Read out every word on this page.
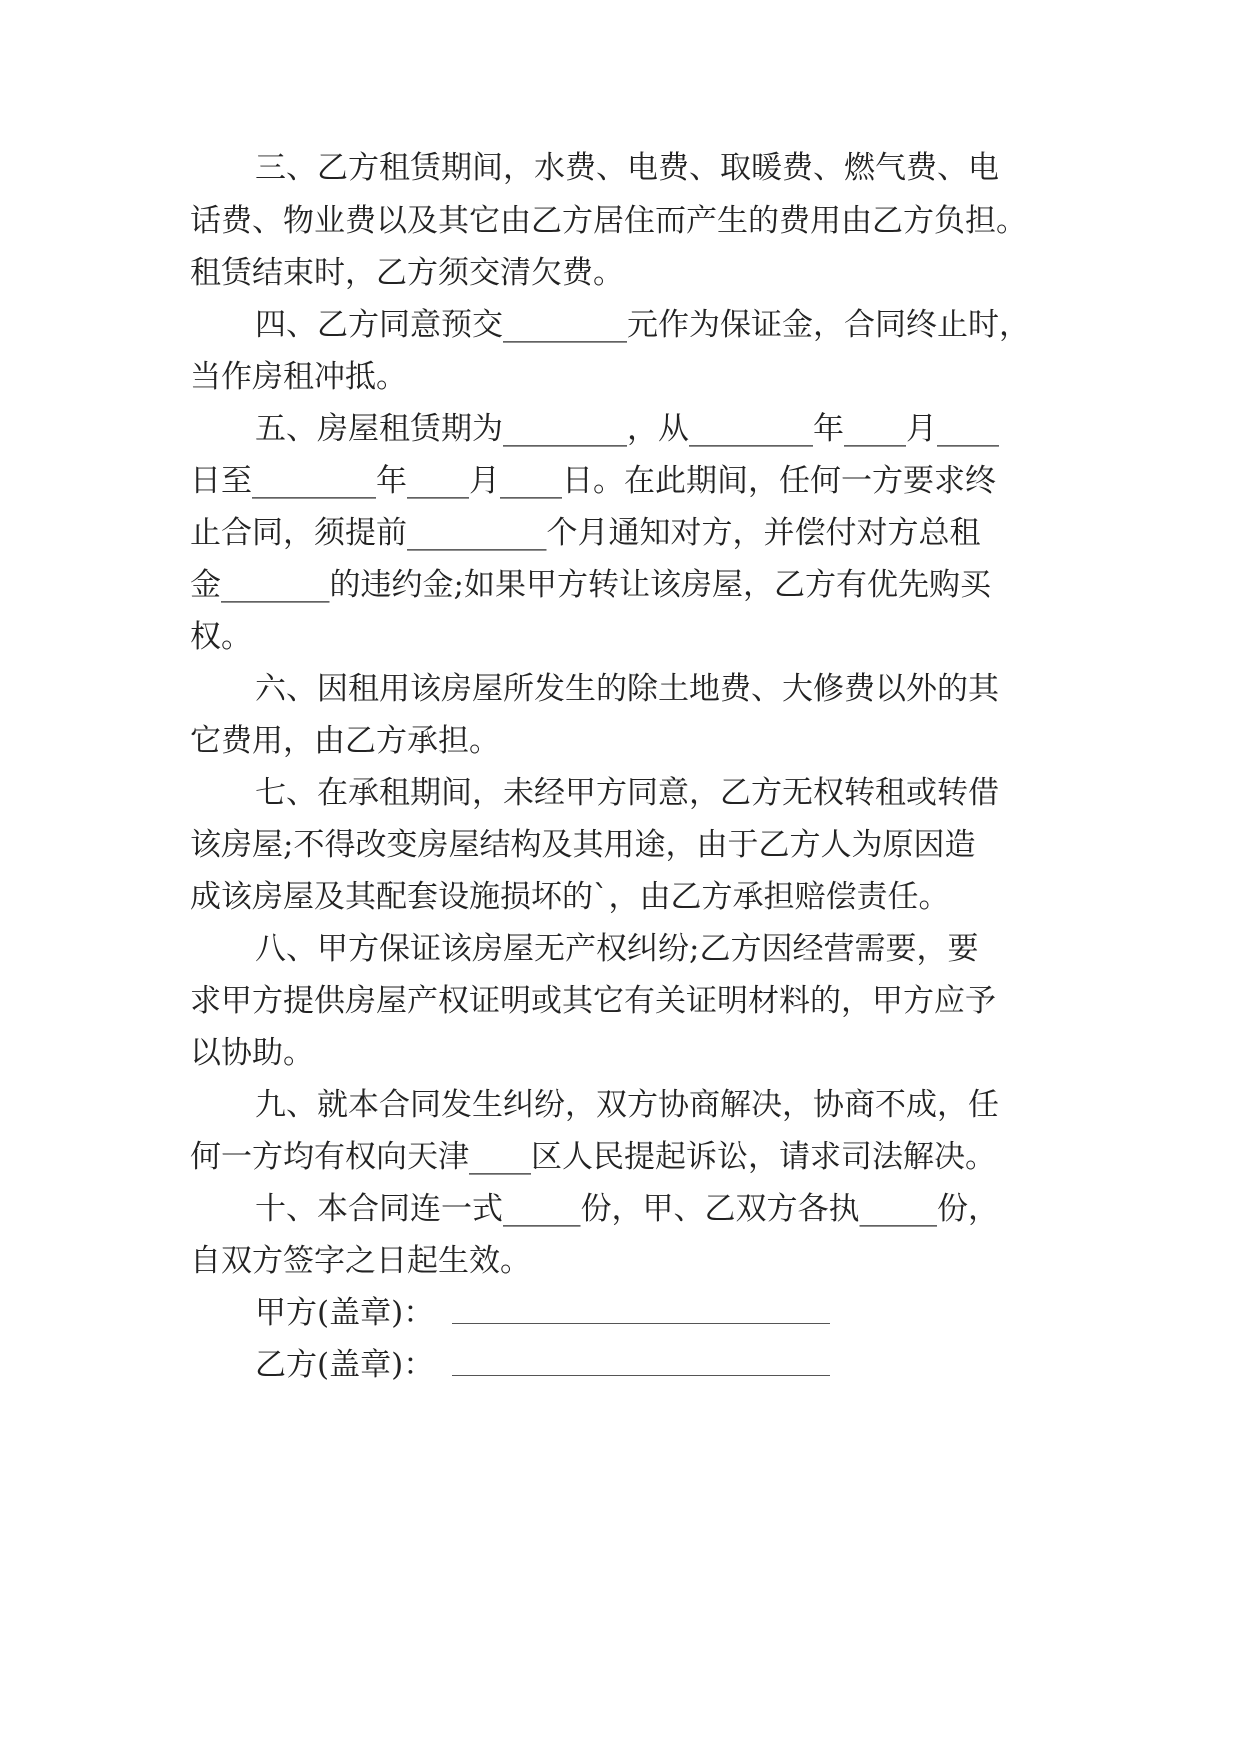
三、乙方租赁期间，水费、电费、取暖费、燃气费、电

话费、物业费以及其它由乙方居住而产生的费用由乙方负担。

租赁结束时，乙方须交清欠费。

四、乙方同意预交________元作为保证金，合同终止时，

当作房租冲抵。

五、房屋租赁期为________，从________年____月____

日至________年____月____日。在此期间，任何一方要求终

止合同，须提前_________个月通知对方，并偿付对方总租

金_______的违约金;如果甲方转让该房屋，乙方有优先购买

权。

六、因租用该房屋所发生的除土地费、大修费以外的其

它费用，由乙方承担。

七、在承租期间，未经甲方同意，乙方无权转租或转借

该房屋;不得改变房屋结构及其用途，由于乙方人为原因造

成该房屋及其配套设施损坏的`，由乙方承担赔偿责任。

八、甲方保证该房屋无产权纠纷;乙方因经营需要，要

求甲方提供房屋产权证明或其它有关证明材料的，甲方应予

以协助。

九、就本合同发生纠纷，双方协商解决，协商不成，任

何一方均有权向天津____区人民提起诉讼，请求司法解决。

十、本合同连一式_____份，甲、乙双方各执_____份，

自双方签字之日起生效。

甲方(盖章)：
乙方(盖章)：
